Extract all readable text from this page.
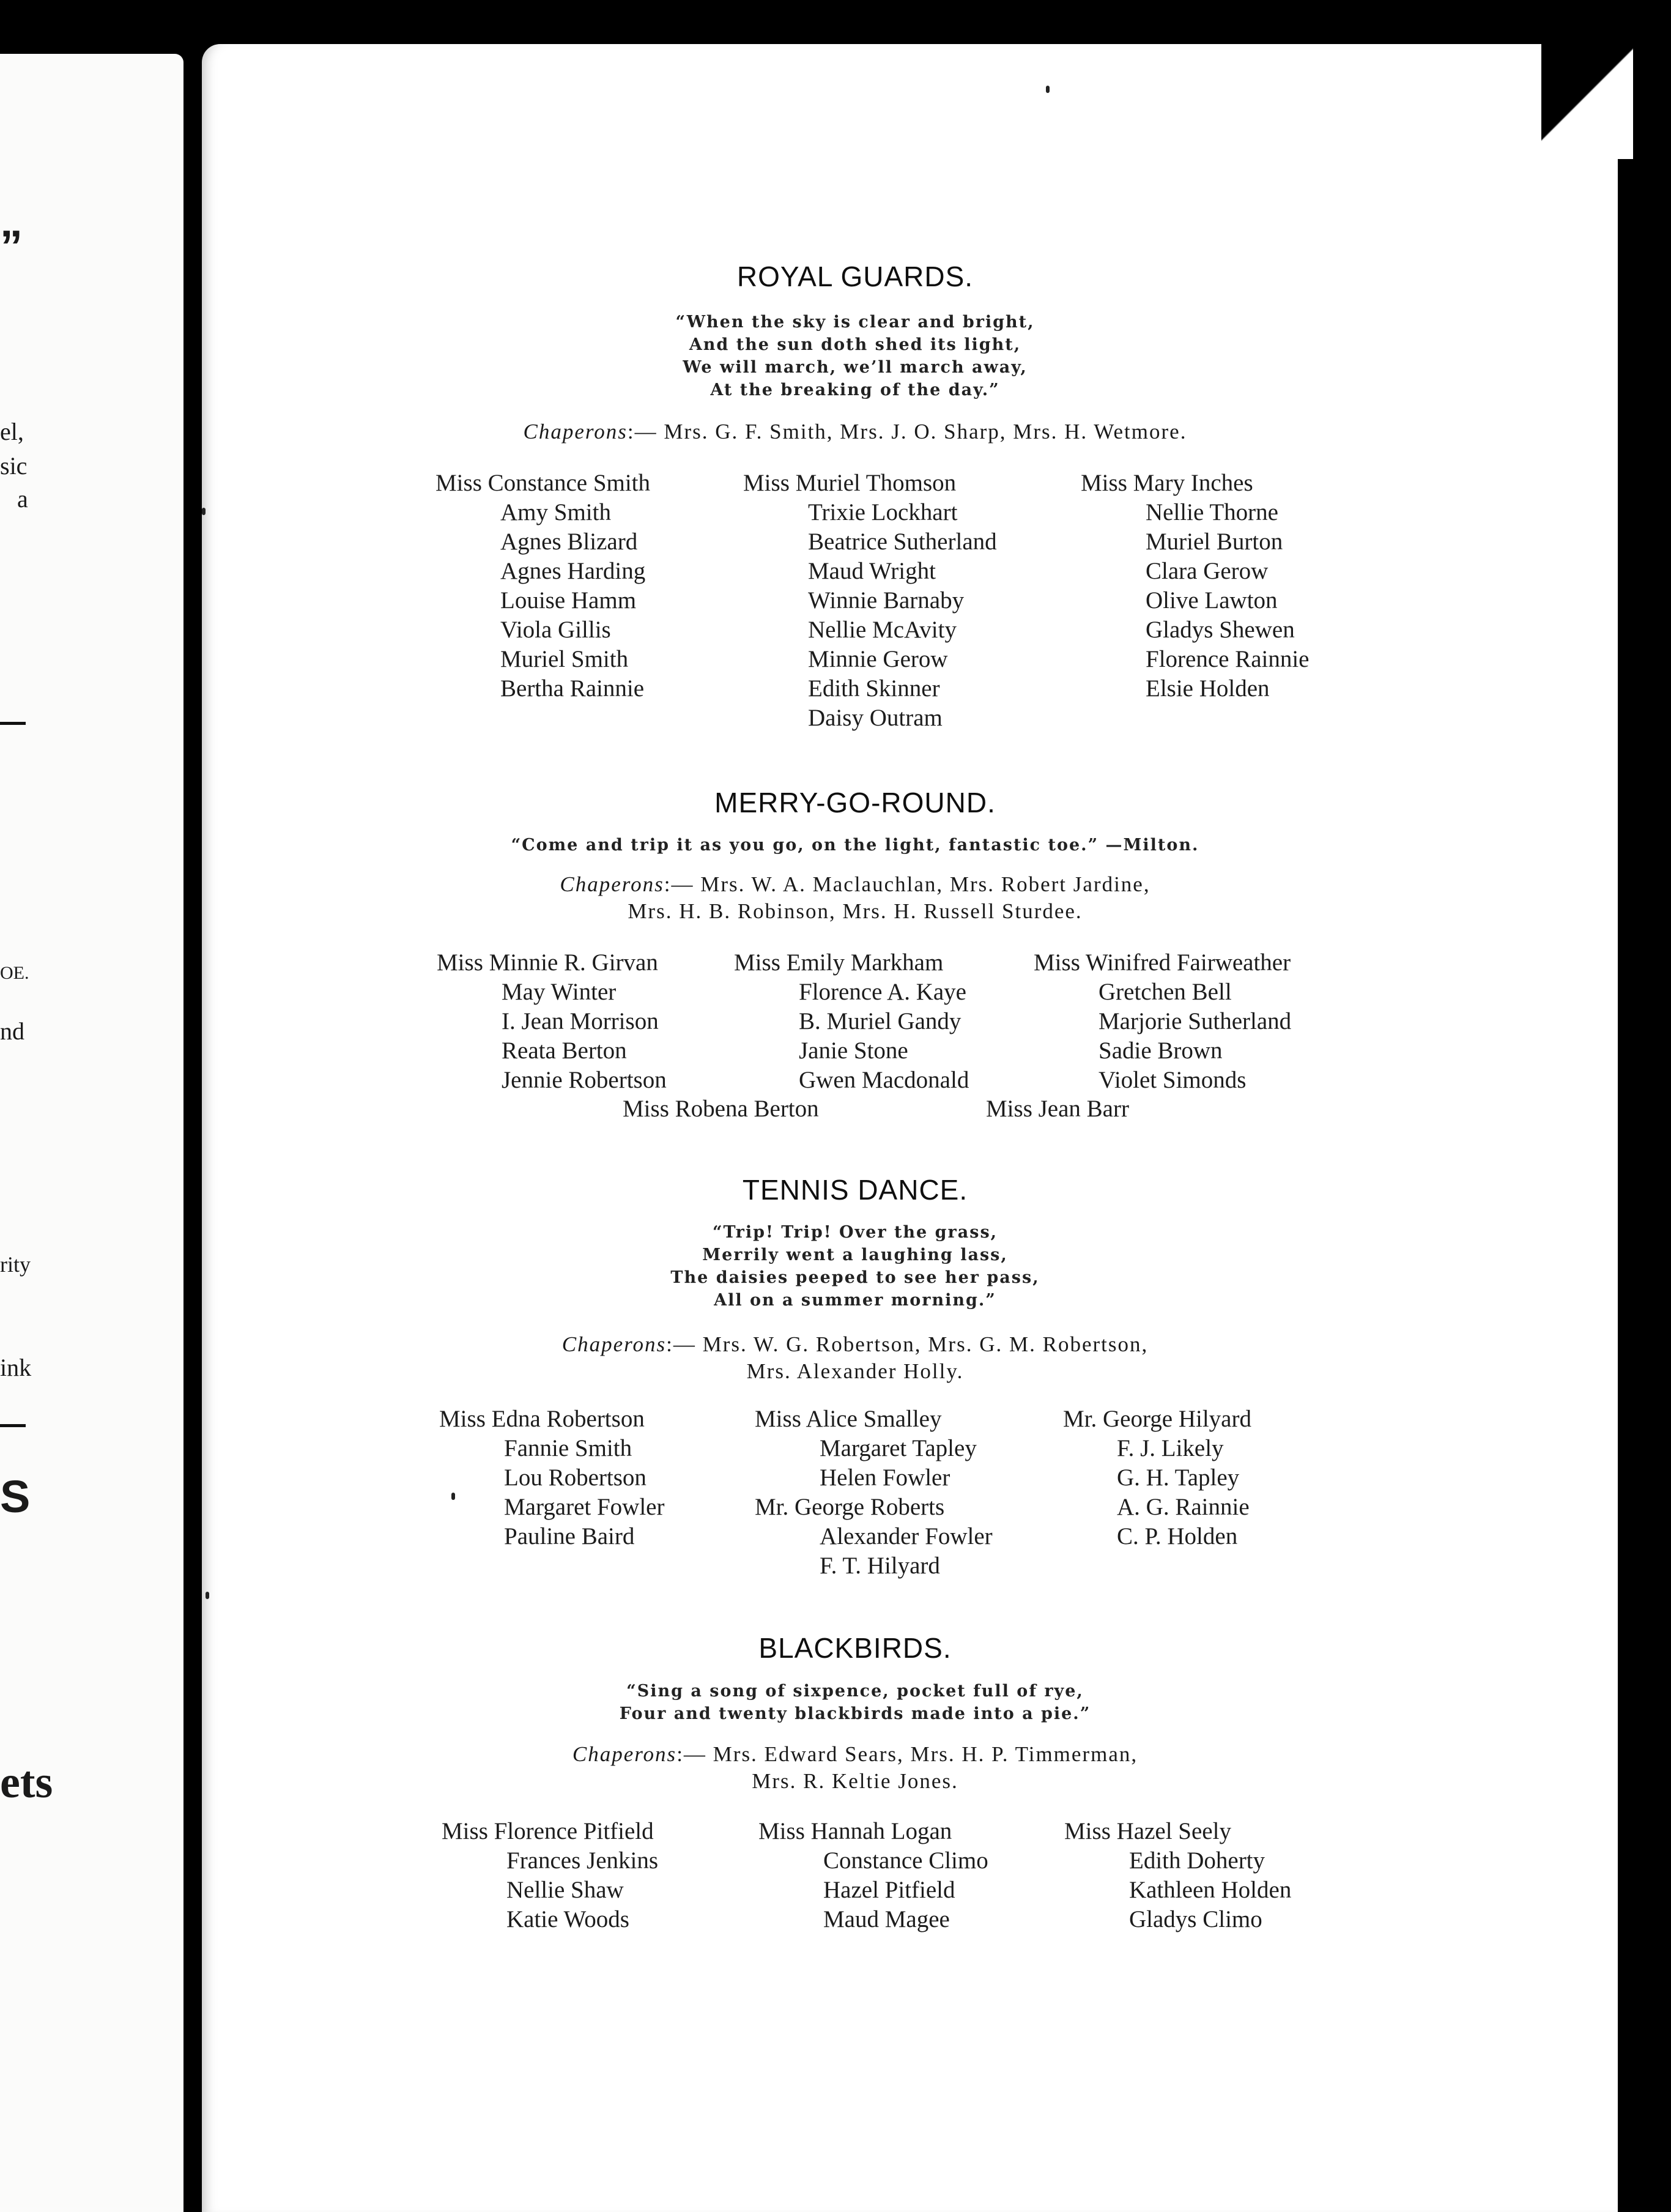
”
el,
sic
a
OE.
nd
rity
ink
S
ets
ROYAL GUARDS.
“When the sky is clear and bright,
And the sun doth shed its light,
We will march, we’ll march away,
At the breaking of the day.”
Chaperons:— Mrs. G. F. Smith, Mrs. J. O. Sharp, Mrs. H. Wetmore.
Miss Constance Smith
Amy Smith
Agnes Blizard
Agnes Harding
Louise Hamm
Viola Gillis
Muriel Smith
Bertha Rainnie
Miss Muriel Thomson
Trixie Lockhart
Beatrice Sutherland
Maud Wright
Winnie Barnaby
Nellie McAvity
Minnie Gerow
Edith Skinner
Daisy Outram
Miss Mary Inches
Nellie Thorne
Muriel Burton
Clara Gerow
Olive Lawton
Gladys Shewen
Florence Rainnie
Elsie Holden
MERRY-GO-ROUND.
“Come and trip it as you go, on the light, fantastic toe.” —Milton.
Chaperons:— Mrs. W. A. Maclauchlan, Mrs. Robert Jardine,
Mrs. H. B. Robinson, Mrs. H. Russell Sturdee.
Miss Minnie R. Girvan
May Winter
I. Jean Morrison
Reata Berton
Jennie Robertson
Miss Emily Markham
Florence A. Kaye
B. Muriel Gandy
Janie Stone
Gwen Macdonald
Miss Winifred Fairweather
Gretchen Bell
Marjorie Sutherland
Sadie Brown
Violet Simonds
Miss Robena Berton	Miss Jean Barr
TENNIS DANCE.
“Trip! Trip! Over the grass,
Merrily went a laughing lass,
The daisies peeped to see her pass,
All on a summer morning.”
Chaperons:— Mrs. W. G. Robertson, Mrs. G. M. Robertson,
Mrs. Alexander Holly.
Miss Edna Robertson
Fannie Smith
Lou Robertson
Margaret Fowler
Pauline Baird
Miss Alice Smalley
Margaret Tapley
Helen Fowler
Mr. George Roberts
Alexander Fowler
F. T. Hilyard
Mr. George Hilyard
F. J. Likely
G. H. Tapley
A. G. Rainnie
C. P. Holden
BLACKBIRDS.
“Sing a song of sixpence, pocket full of rye,
Four and twenty blackbirds made into a pie.”
Chaperons:— Mrs. Edward Sears, Mrs. H. P. Timmerman,
Mrs. R. Keltie Jones.
Miss Florence Pitfield
Frances Jenkins
Nellie Shaw
Katie Woods
Miss Hannah Logan
Constance Climo
Hazel Pitfield
Maud Magee
Miss Hazel Seely
Edith Doherty
Kathleen Holden
Gladys Climo
